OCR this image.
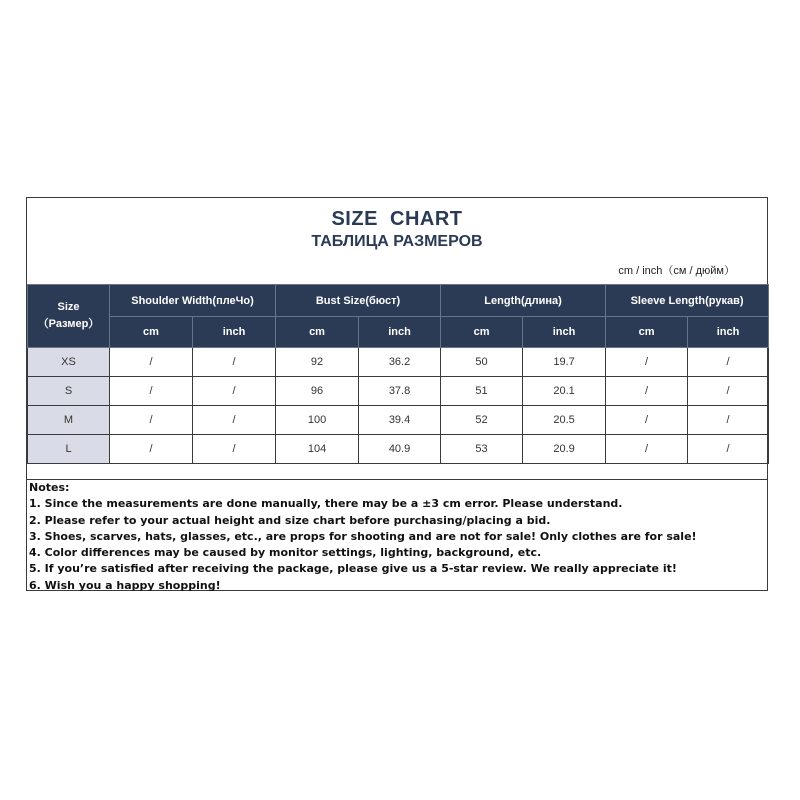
SIZE  CHART
ТАБЛИЦА РАЗМЕРОВ
cm / inch（cм / дюйм）
Size
（Размер）	Shoulder Width(плеЧо)		Bust Size(бюст)		Length(длина)		Sleeve Length(рукав)	
	cm	inch	cm	inch	cm	inch	cm	inch
XS	/	/	92	36.2	50	19.7	/	/
S	/	/	96	37.8	51	20.1	/	/
M	/	/	100	39.4	52	20.5	/	/
L	/	/	104	40.9	53	20.9	/	/
Notes:
1. Since the measurements are done manually, there may be a ±3 cm error. Please understand.
2. Please refer to your actual height and size chart before purchasing/placing a bid.
3. Shoes, scarves, hats, glasses, etc., are props for shooting and are not for sale! Only clothes are for sale!
4. Color differences may be caused by monitor settings, lighting, background, etc.
5. If you’re satisfied after receiving the package, please give us a 5-star review. We really appreciate it!
6. Wish you a happy shopping!
